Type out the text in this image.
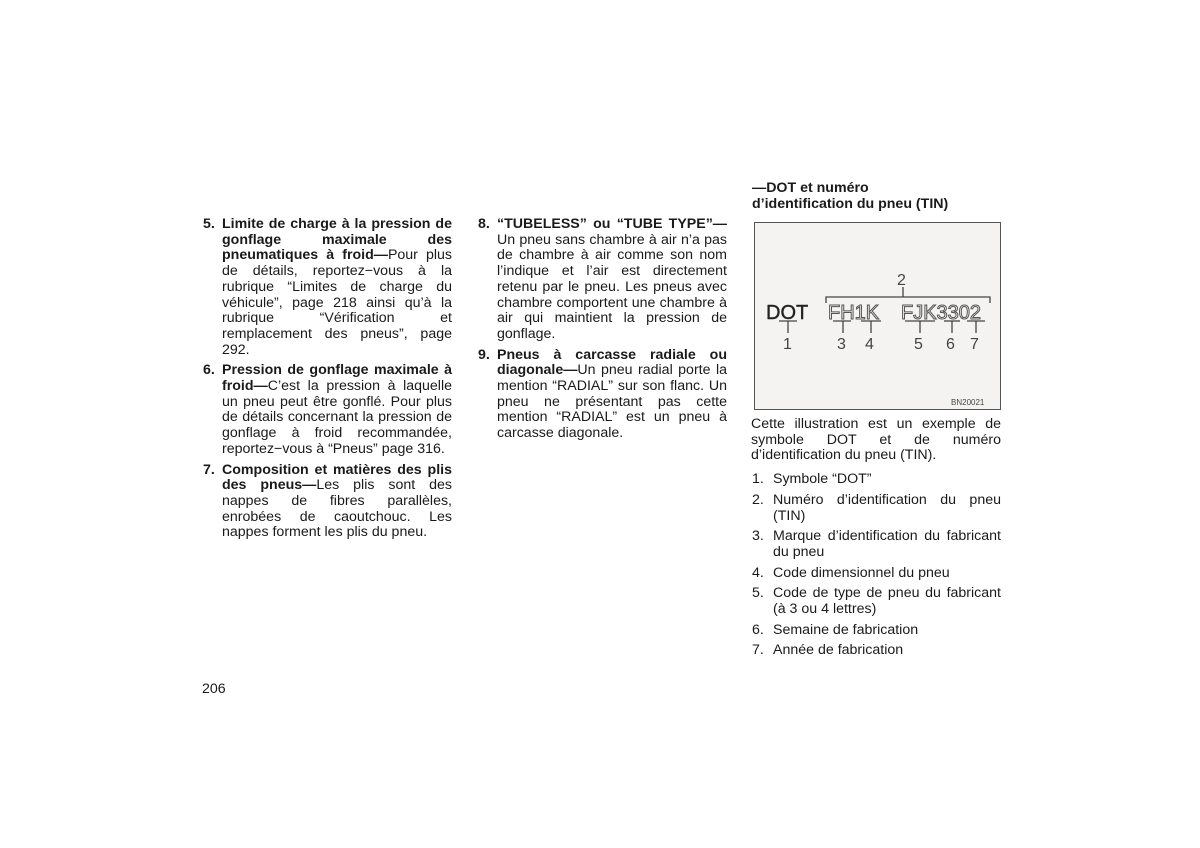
5. Limite de charge à la pression de gonflage maximale des pneumatiques à froid—Pour plus de détails, reportez−vous à la rubrique “Limites de charge du véhicule”, page 218 ainsi qu’à la rubrique “Vérification et remplacement des pneus”, page 292.
6. Pression de gonflage maximale à froid—C’est la pression à laquelle un pneu peut être gonflé. Pour plus de détails concernant la pression de gonflage à froid recommandée, reportez−vous à “Pneus” page 316.
7. Composition et matières des plis des pneus—Les plis sont des nappes de fibres parallèles, enrobées de caoutchouc. Les nappes forment les plis du pneu.
8. “TUBELESS” ou “TUBE TYPE”—Un pneu sans chambre à air n’a pas de chambre à air comme son nom l’indique et l’air est directement retenu par le pneu. Les pneus avec chambre comportent une chambre à air qui maintient la pression de gonflage.
9. Pneus à carcasse radiale ou diagonale—Un pneu radial porte la mention “RADIAL” sur son flanc. Un pneu ne présentant pas cette mention “RADIAL” est un pneu à carcasse diagonale.
—DOT et numéro
d’identification du pneu (TIN)
DOT FH1K FJK3302
2
1	3 4	5 6 7
BN20021
Cette illustration est un exemple de symbole DOT et de numéro d’identification du pneu (TIN).
1. Symbole “DOT”
2. Numéro d’identification du pneu (TIN)
3. Marque d’identification du fabricant du pneu
4. Code dimensionnel du pneu
5. Code de type de pneu du fabricant (à 3 ou 4 lettres)
6. Semaine de fabrication
7. Année de fabrication
206
